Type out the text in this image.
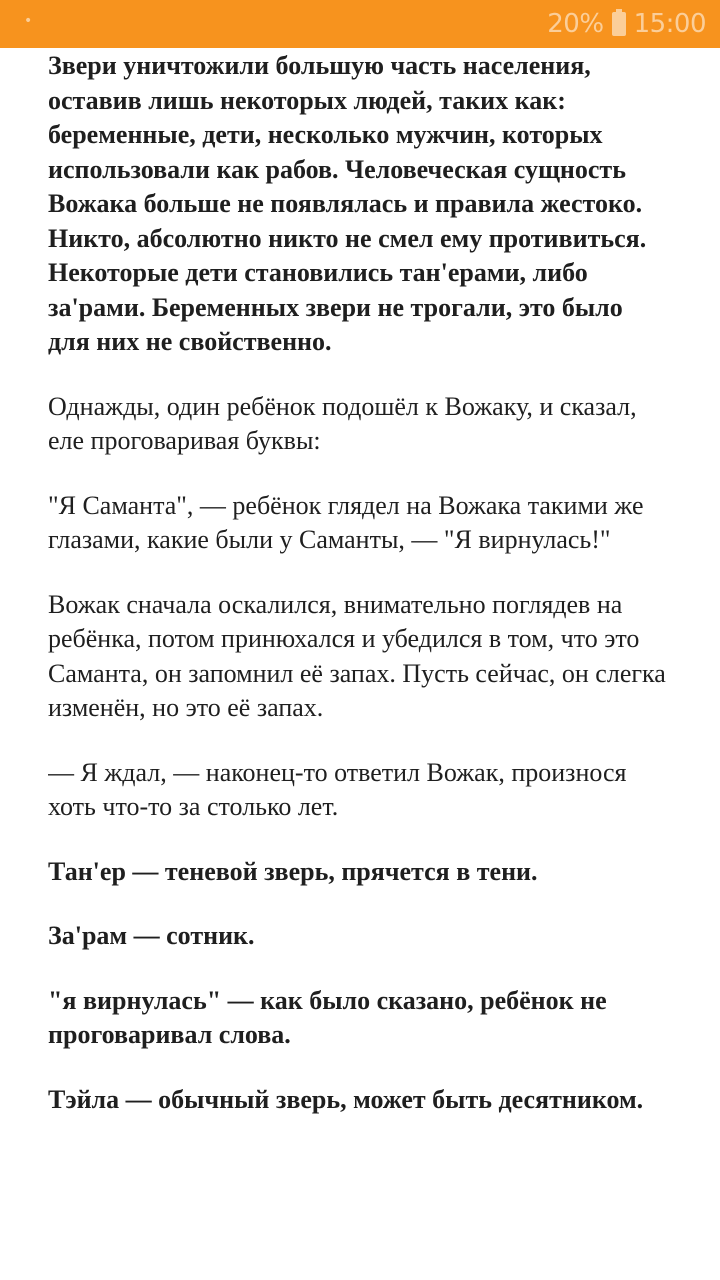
•	20% 15:00

Звери уничтожили большую часть населения, оставив лишь некоторых людей, таких как: беременные, дети, несколько мужчин, которых использовали как рабов. Человеческая сущность Вожака больше не появлялась и правила жестоко. Никто, абсолютно никто не смел ему противиться. Некоторые дети становились тан'ерами, либо за'рами. Беременных звери не трогали, это было для них не свойственно.

Однажды, один ребёнок подошёл к Вожаку, и сказал, еле проговаривая буквы:

"Я Саманта", — ребёнок глядел на Вожака такими же глазами, какие были у Саманты, — "Я вирнулась!"

Вожак сначала оскалился, внимательно поглядев на ребёнка, потом принюхался и убедился в том, что это Саманта, он запомнил её запах. Пусть сейчас, он слегка изменён, но это её запах.

— Я ждал, — наконец-то ответил Вожак, произнося хоть что-то за столько лет.

Тан'ер — теневой зверь, прячется в тени.

За'рам — сотник.

"я вирнулась" — как было сказано, ребёнок не проговаривал слова.

Тэйла — обычный зверь, может быть десятником.
